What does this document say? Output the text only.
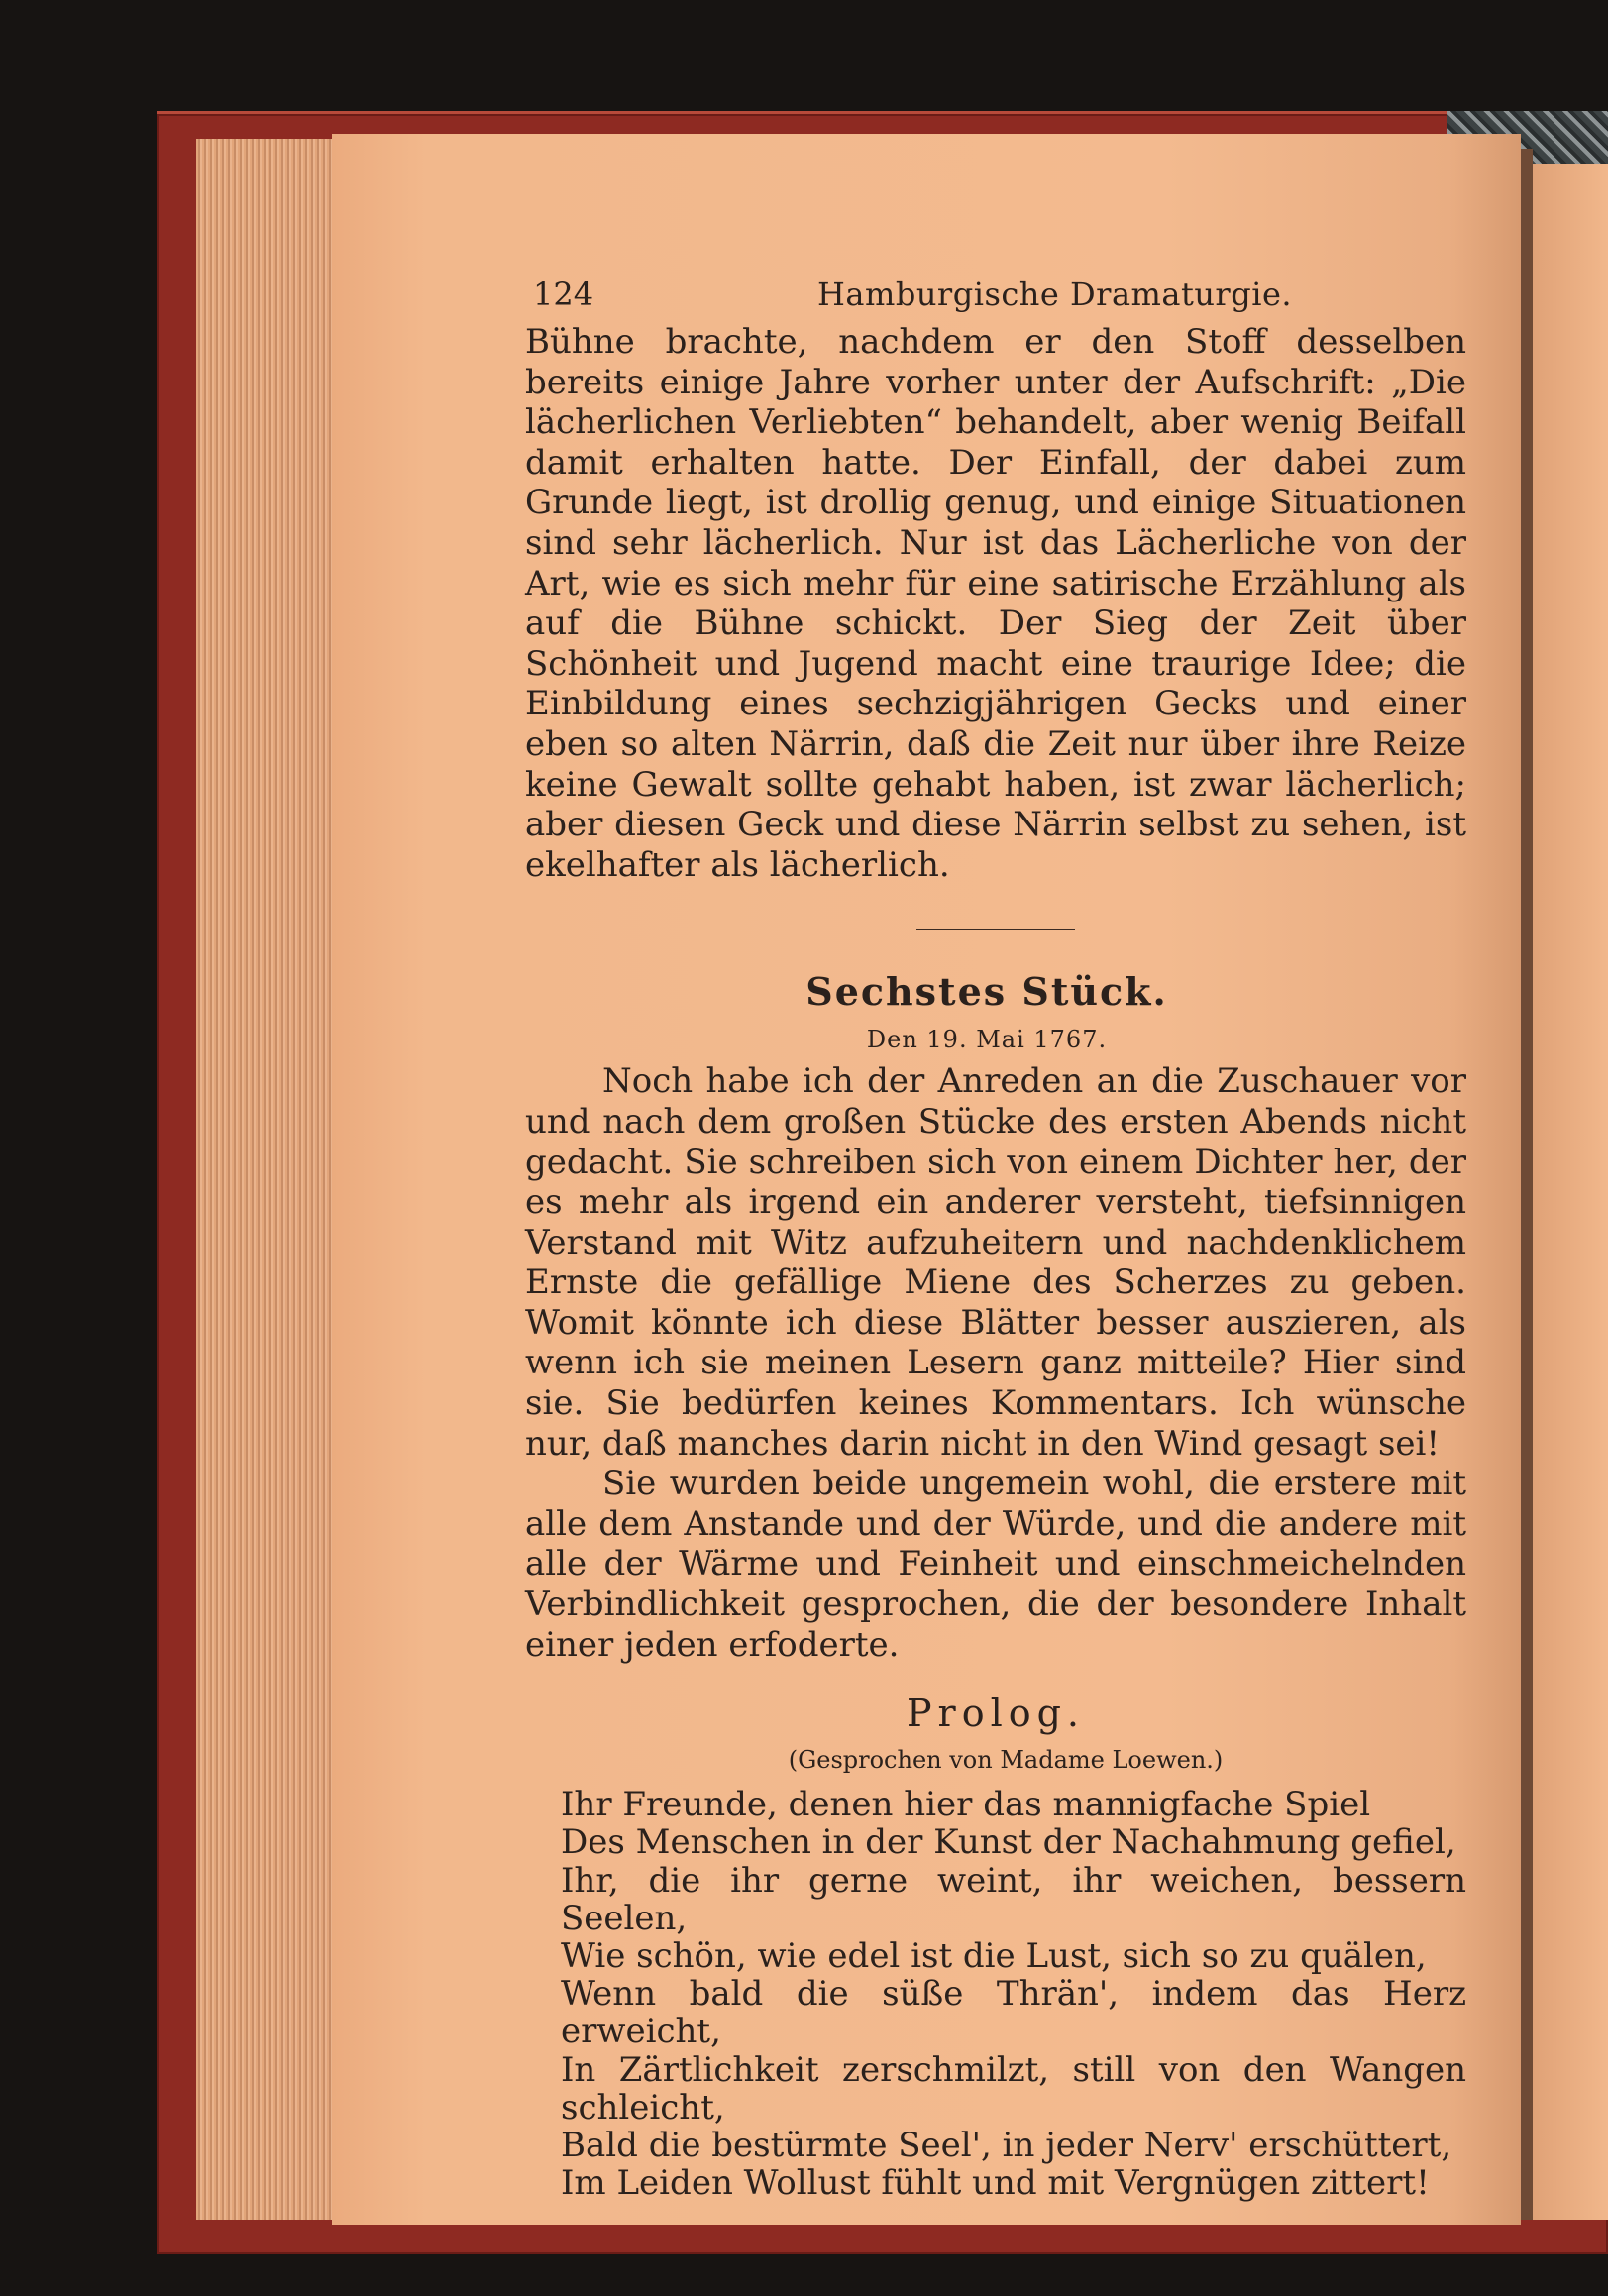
124	Hamburgische Dramaturgie.

Bühne brachte, nachdem er den Stoff desselben bereits einige Jahre vorher unter der Aufschrift: „Die lächerlichen Verliebten“ behandelt, aber wenig Beifall damit erhalten hatte. Der Einfall, der dabei zum Grunde liegt, ist drollig genug, und einige Situationen sind sehr lächerlich. Nur ist das Lächerliche von der Art, wie es sich mehr für eine satirische Erzählung als auf die Bühne schickt. Der Sieg der Zeit über Schönheit und Jugend macht eine traurige Idee; die Einbildung eines sechzigjährigen Gecks und einer eben so alten Närrin, daß die Zeit nur über ihre Reize keine Gewalt sollte gehabt haben, ist zwar lächerlich; aber diesen Geck und diese Närrin selbst zu sehen, ist ekelhafter als lächerlich.

Sechstes Stück.
Den 19. Mai 1767.

Noch habe ich der Anreden an die Zuschauer vor und nach dem großen Stücke des ersten Abends nicht gedacht. Sie schreiben sich von einem Dichter her, der es mehr als irgend ein anderer versteht, tiefsinnigen Verstand mit Witz aufzuheitern und nachdenklichem Ernste die gefällige Miene des Scherzes zu geben. Womit könnte ich diese Blätter besser auszieren, als wenn ich sie meinen Lesern ganz mitteile? Hier sind sie. Sie bedürfen keines Kommentars. Ich wünsche nur, daß manches darin nicht in den Wind gesagt sei!

Sie wurden beide ungemein wohl, die erstere mit alle dem Anstande und der Würde, und die andere mit alle der Wärme und Feinheit und einschmeichelnden Verbindlichkeit gesprochen, die der besondere Inhalt einer jeden erfoderte.

Prolog.
(Gesprochen von Madame Loewen.)

Ihr Freunde, denen hier das mannigfache Spiel

Des Menschen in der Kunst der Nachahmung gefiel,

Ihr, die ihr gerne weint, ihr weichen, bessern Seelen,

Wie schön, wie edel ist die Lust, sich so zu quälen,

Wenn bald die süße Thrän', indem das Herz erweicht,

In Zärtlichkeit zerschmilzt, still von den Wangen schleicht,

Bald die bestürmte Seel', in jeder Nerv' erschüttert,

Im Leiden Wollust fühlt und mit Vergnügen zittert!
